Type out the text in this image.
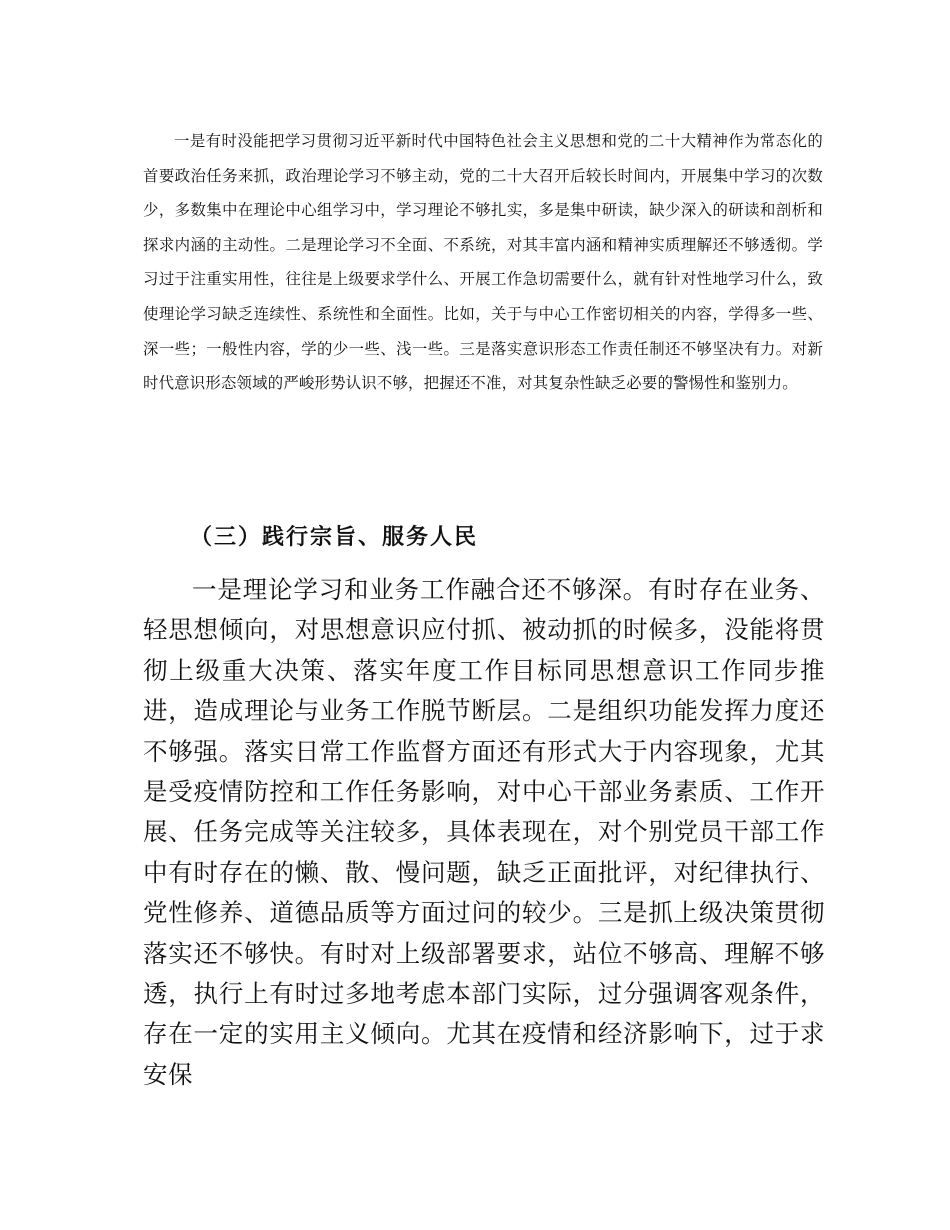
一是有时没能把学习贯彻习近平新时代中国特色社会主义思想和党的二十大精神作为常态化的首要政治任务来抓，政治理论学习不够主动，党的二十大召开后较长时间内，开展集中学习的次数少，多数集中在理论中心组学习中，学习理论不够扎实，多是集中研读，缺少深入的研读和剖析和探求内涵的主动性。二是理论学习不全面、不系统，对其丰富内涵和精神实质理解还不够透彻。学习过于注重实用性，往往是上级要求学什么、开展工作急切需要什么，就有针对性地学习什么，致使理论学习缺乏连续性、系统性和全面性。比如，关于与中心工作密切相关的内容，学得多一些、深一些；一般性内容，学的少一些、浅一些。三是落实意识形态工作责任制还不够坚决有力。对新时代意识形态领域的严峻形势认识不够，把握还不准，对其复杂性缺乏必要的警惕性和鉴别力。

（三）践行宗旨、服务人民

一是理论学习和业务工作融合还不够深。有时存在业务、轻思想倾向，对思想意识应付抓、被动抓的时候多，没能将贯彻上级重大决策、落实年度工作目标同思想意识工作同步推进，造成理论与业务工作脱节断层。二是组织功能发挥力度还不够强。落实日常工作监督方面还有形式大于内容现象，尤其是受疫情防控和工作任务影响，对中心干部业务素质、工作开展、任务完成等关注较多，具体表现在，对个别党员干部工作中有时存在的懒、散、慢问题，缺乏正面批评，对纪律执行、党性修养、道德品质等方面过问的较少。三是抓上级决策贯彻落实还不够快。有时对上级部署要求，站位不够高、理解不够透，执行上有时过多地考虑本部门实际，过分强调客观条件，存在一定的实用主义倾向。尤其在疫情和经济影响下，过于求安保
